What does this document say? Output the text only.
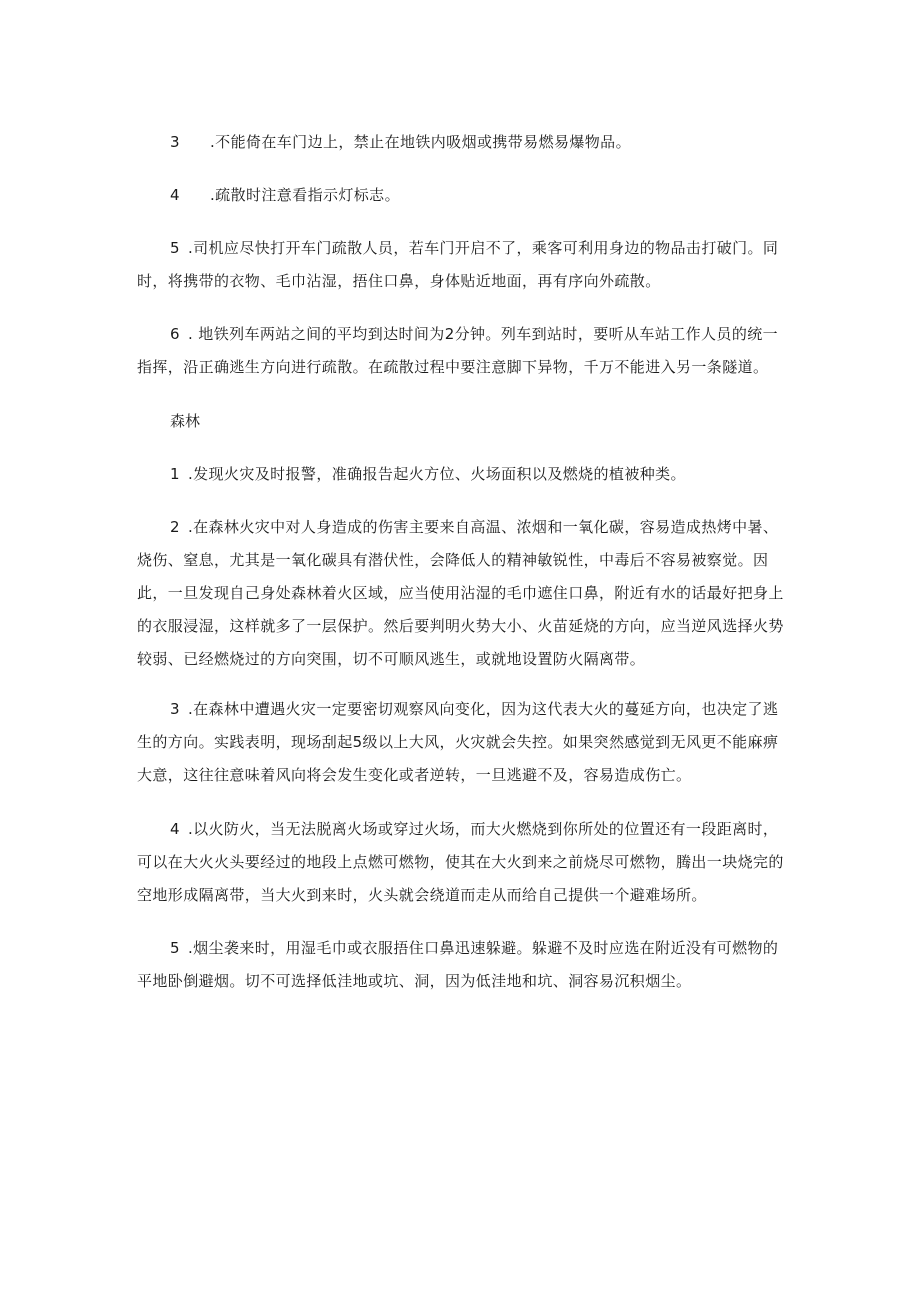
3 .不能倚在车门边上，禁止在地铁内吸烟或携带易燃易爆物品。

4 .疏散时注意看指示灯标志。

5 .司机应尽快打开车门疏散人员，若车门开启不了，乘客可利用身边的物品击打破门。同时，将携带的衣物、毛巾沾湿，捂住口鼻，身体贴近地面，再有序向外疏散。

6 . 地铁列车两站之间的平均到达时间为2分钟。列车到站时，要听从车站工作人员的统一指挥，沿正确逃生方向进行疏散。在疏散过程中要注意脚下异物，千万不能进入另一条隧道。

森林

1 .发现火灾及时报警，准确报告起火方位、火场面积以及燃烧的植被种类。

2 .在森林火灾中对人身造成的伤害主要来自高温、浓烟和一氧化碳，容易造成热烤中暑、烧伤、窒息，尤其是一氧化碳具有潜伏性，会降低人的精神敏锐性，中毒后不容易被察觉。因此，一旦发现自己身处森林着火区域，应当使用沾湿的毛巾遮住口鼻，附近有水的话最好把身上的衣服浸湿，这样就多了一层保护。然后要判明火势大小、火苗延烧的方向，应当逆风选择火势较弱、已经燃烧过的方向突围，切不可顺风逃生，或就地设置防火隔离带。

3 .在森林中遭遇火灾一定要密切观察风向变化，因为这代表大火的蔓延方向，也决定了逃生的方向。实践表明，现场刮起5级以上大风，火灾就会失控。如果突然感觉到无风更不能麻痹大意，这往往意味着风向将会发生变化或者逆转，一旦逃避不及，容易造成伤亡。

4 .以火防火，当无法脱离火场或穿过火场，而大火燃烧到你所处的位置还有一段距离时，可以在大火火头要经过的地段上点燃可燃物，使其在大火到来之前烧尽可燃物，腾出一块烧完的空地形成隔离带，当大火到来时，火头就会绕道而走从而给自己提供一个避难场所。

5 .烟尘袭来时，用湿毛巾或衣服捂住口鼻迅速躲避。躲避不及时应选在附近没有可燃物的平地卧倒避烟。切不可选择低洼地或坑、洞，因为低洼地和坑、洞容易沉积烟尘。
